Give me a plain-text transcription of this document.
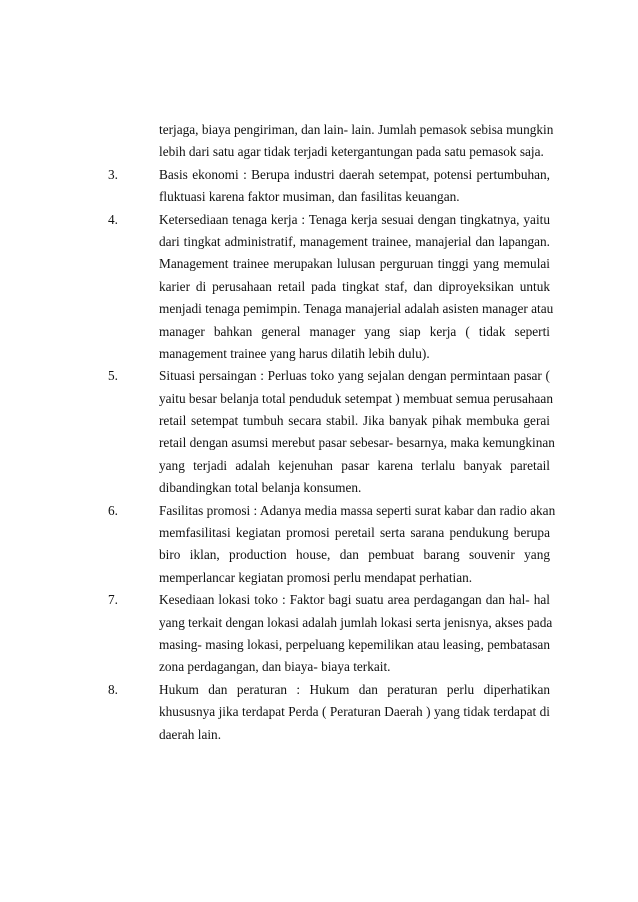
terjaga, biaya pengiriman, dan lain- lain. Jumlah pemasok sebisa mungkin
lebih dari satu agar tidak terjadi ketergantungan pada satu pemasok saja.
3.	Basis ekonomi : Berupa industri daerah setempat, potensi pertumbuhan,
fluktuasi karena faktor musiman, dan fasilitas keuangan.
4.	Ketersediaan tenaga kerja : Tenaga kerja sesuai dengan tingkatnya, yaitu
dari tingkat administratif, management trainee, manajerial dan lapangan.
Management trainee merupakan lulusan perguruan tinggi yang memulai
karier di perusahaan retail pada tingkat staf, dan diproyeksikan untuk
menjadi tenaga pemimpin. Tenaga manajerial adalah asisten manager atau
manager bahkan general manager yang siap kerja ( tidak seperti
management trainee yang harus dilatih lebih dulu).
5.	Situasi persaingan : Perluas toko yang sejalan dengan permintaan pasar (
yaitu besar belanja total penduduk setempat ) membuat semua perusahaan
retail setempat tumbuh secara stabil. Jika banyak pihak membuka gerai
retail dengan asumsi merebut pasar sebesar- besarnya, maka kemungkinan
yang terjadi adalah kejenuhan pasar karena terlalu banyak paretail
dibandingkan total belanja konsumen.
6.	Fasilitas promosi : Adanya media massa seperti surat kabar dan radio akan
memfasilitasi kegiatan promosi peretail serta sarana pendukung berupa
biro iklan, production house, dan pembuat barang souvenir yang
memperlancar kegiatan promosi perlu mendapat perhatian.
7.	Kesediaan lokasi toko : Faktor bagi suatu area perdagangan dan hal- hal
yang terkait dengan lokasi adalah jumlah lokasi serta jenisnya, akses pada
masing- masing lokasi, perpeluang kepemilikan atau leasing, pembatasan
zona perdagangan, dan biaya- biaya terkait.
8.	Hukum dan peraturan : Hukum dan peraturan perlu diperhatikan
khususnya jika terdapat Perda ( Peraturan Daerah ) yang tidak terdapat di
daerah lain.
